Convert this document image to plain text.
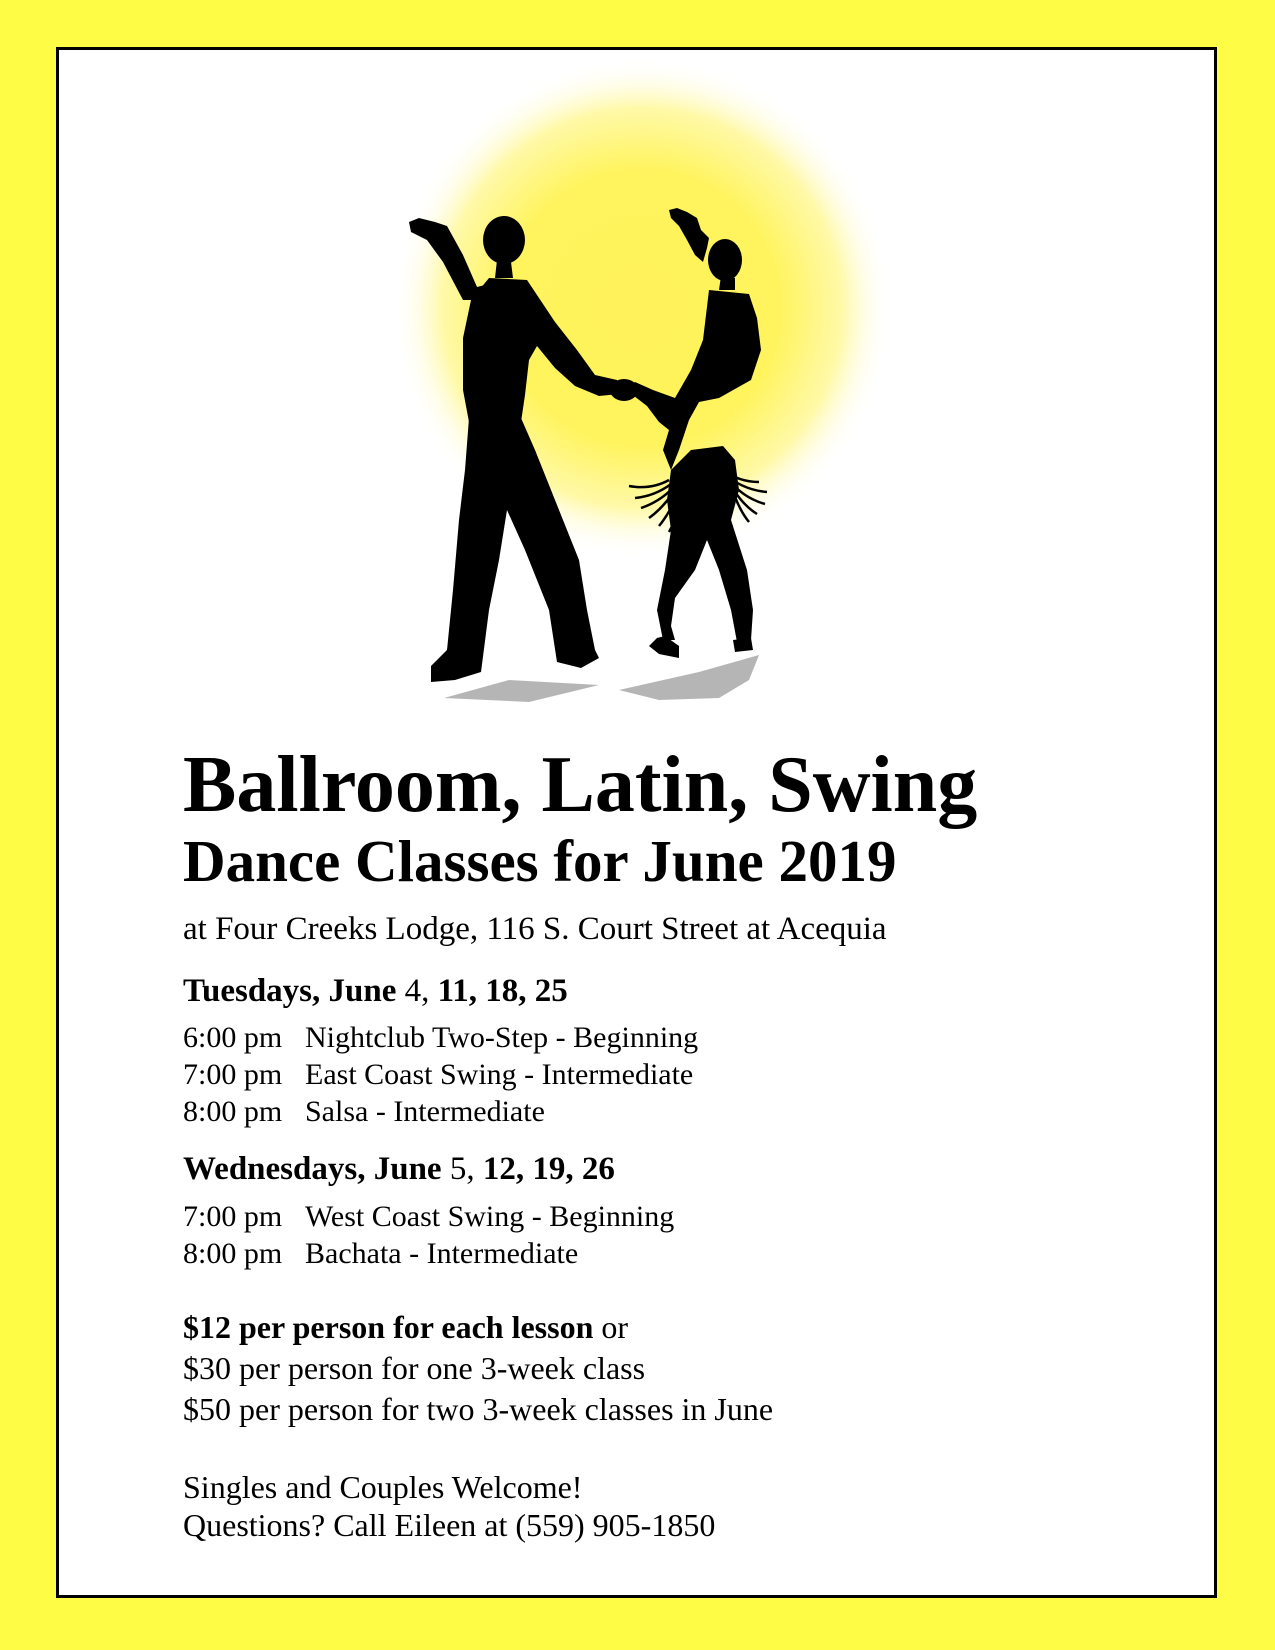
Ballroom, Latin, Swing
Dance Classes for June 2019

at Four Creeks Lodge, 116 S. Court Street at Acequia

Tuesdays, June 4, 11, 18, 25

6:00 pm Nightclub Two-Step - Beginning
7:00 pm East Coast Swing - Intermediate
8:00 pm Salsa - Intermediate

Wednesdays, June 5, 12, 19, 26

7:00 pm West Coast Swing - Beginning
8:00 pm Bachata - Intermediate
$12 per person for each lesson or
$30 per person for one 3-week class
$50 per person for two 3-week classes in June
Singles and Couples Welcome!
Questions? Call Eileen at (559) 905-1850
